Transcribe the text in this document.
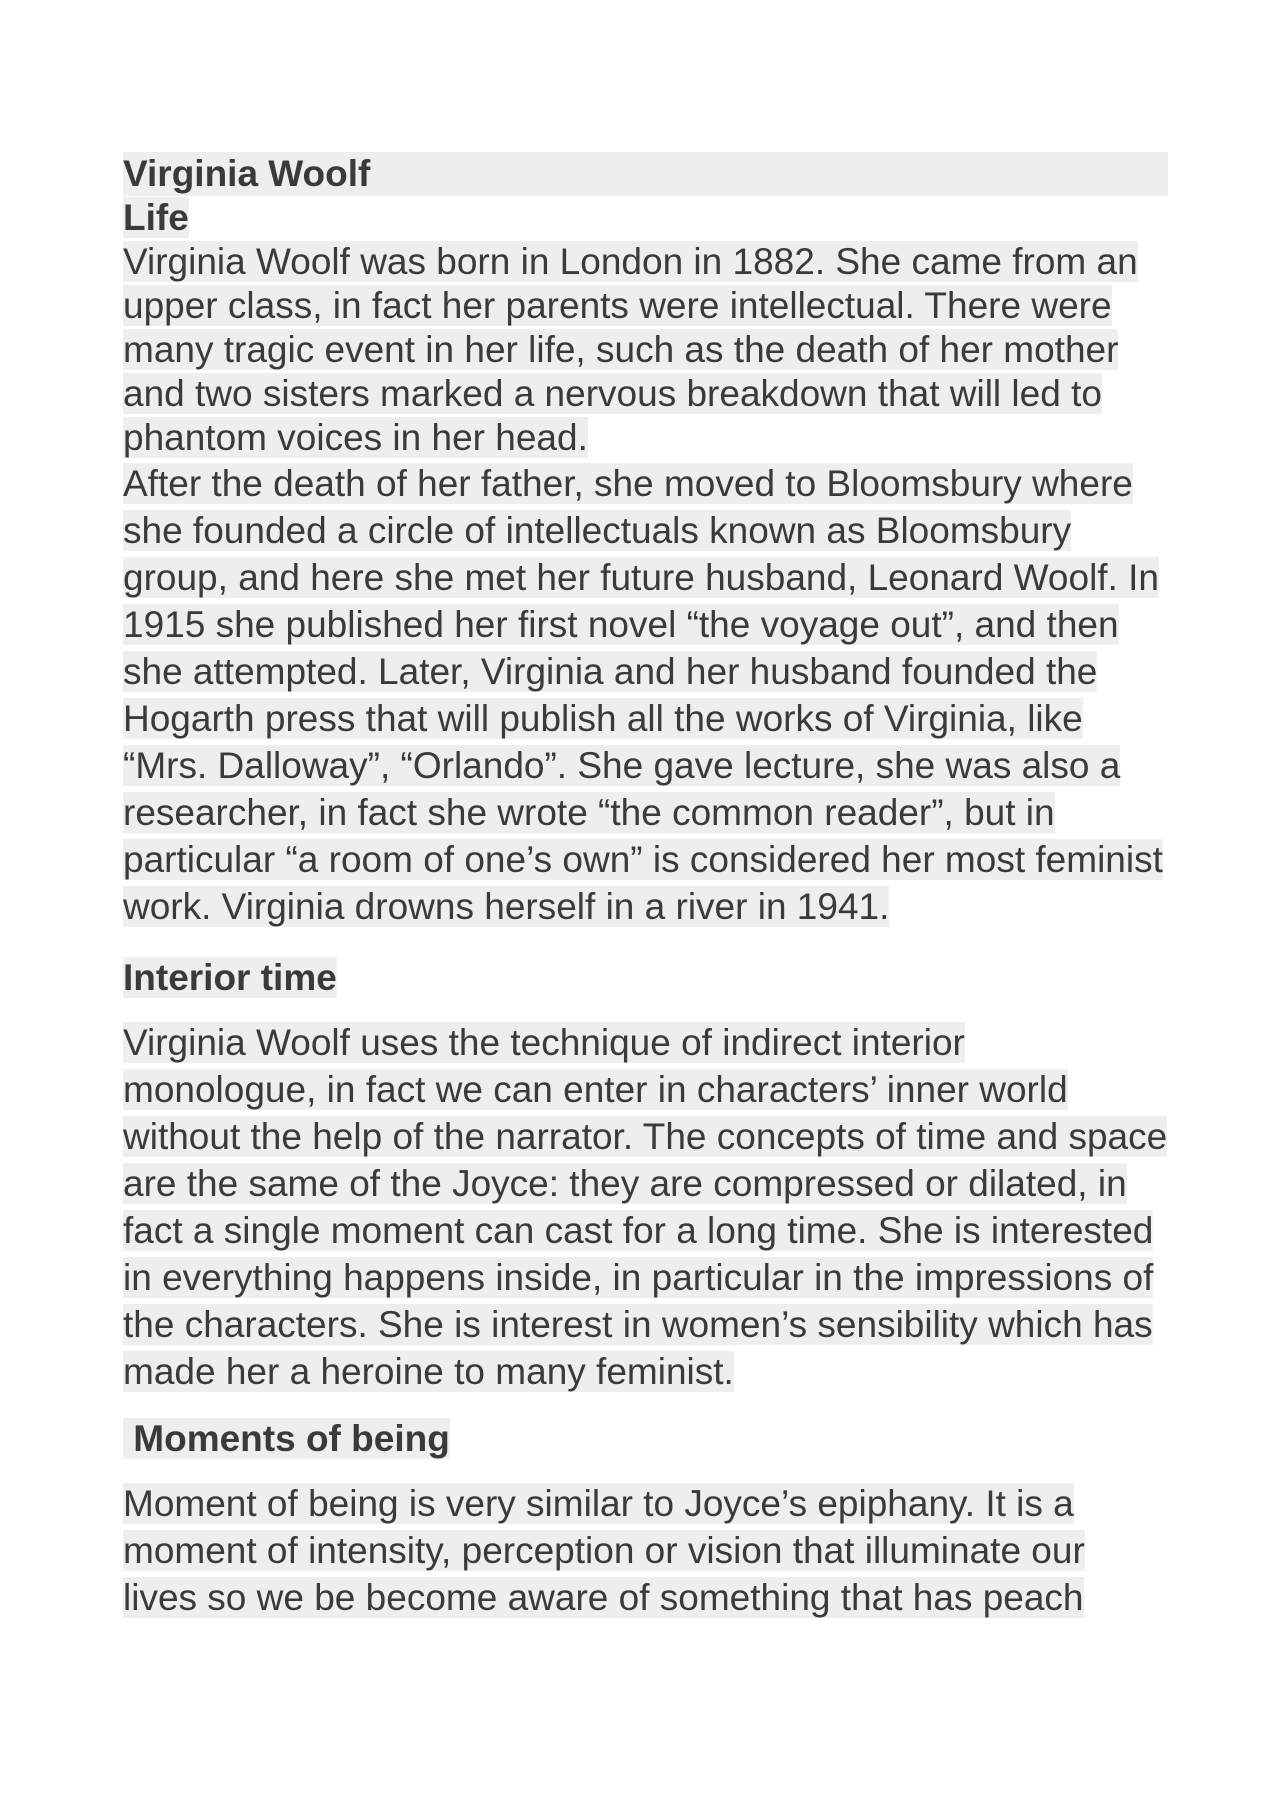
Virginia Woolf
Life

Virginia Woolf was born in London in 1882. She came from an upper class, in fact her parents were intellectual. There were many tragic event in her life, such as the death of her mother and two sisters marked a nervous breakdown that will led to phantom voices in her head.

After the death of her father, she moved to Bloomsbury where she founded a circle of intellectuals known as Bloomsbury group, and here she met her future husband, Leonard Woolf. In 1915 she published her first novel “the voyage out”, and then she attempted. Later, Virginia and her husband founded the Hogarth press that will publish all the works of Virginia, like “Mrs. Dalloway”, “Orlando”. She gave lecture, she was also a researcher, in fact she wrote “the common reader”, but in particular “a room of one’s own” is considered her most feminist work. Virginia drowns herself in a river in 1941.

Interior time

Virginia Woolf uses the technique of indirect interior monologue, in fact we can enter in characters’ inner world without the help of the narrator. The concepts of time and space are the same of the Joyce: they are compressed or dilated, in fact a single moment can cast for a long time. She is interested in everything happens inside, in particular in the impressions of the characters. She is interest in women’s sensibility which has made her a heroine to many feminist.

Moments of being

Moment of being is very similar to Joyce’s epiphany. It is a moment of intensity, perception or vision that illuminate our lives so we be become aware of something that has peach
